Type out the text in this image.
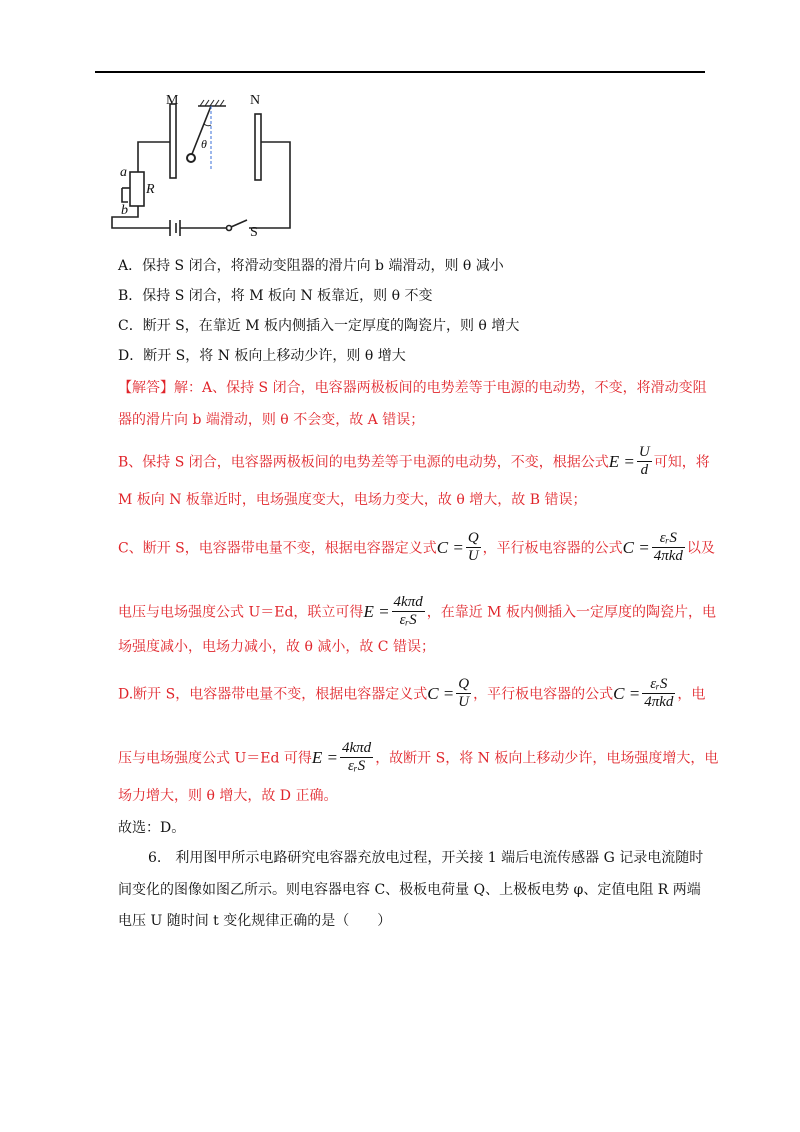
M	N
θ
a
R
b
S
A．保持 S 闭合，将滑动变阻器的滑片向 b 端滑动，则 θ 减小
B．保持 S 闭合，将 M 板向 N 板靠近，则 θ 不变
C．断开 S，在靠近 M 板内侧插入一定厚度的陶瓷片，则 θ 增大
D．断开 S，将 N 板向上移动少许，则 θ 增大
【解答】解：A、保持 S 闭合，电容器两极板间的电势差等于电源的电动势，不变，将滑动变阻
器的滑片向 b 端滑动，则 θ 不会变，故 A 错误；
B、保持 S 闭合，电容器两极板间的电势差等于电源的电动势，不变，根据公式 $E = \frac{U}{d}$ 可知，将
M 板向 N 板靠近时，电场强度变大，电场力变大，故 θ 增大，故 B 错误；
C、断开 S，电容器带电量不变，根据电容器定义式 $C = \frac{Q}{U}$ ，平行板电容器的公式 $C = \frac{\text{εᵣS}}{\text{4πkd}}$ 以及
电压与电场强度公式 U＝Ed，联立可得 $E = \frac{\text{4kπd}}{\text{εᵣS}}$ ，在靠近 M 板内侧插入一定厚度的陶瓷片，电
场强度减小，电场力减小，故 θ 减小，故 C 错误；
D.断开 S，电容器带电量不变，根据电容器定义式 $C = \frac{Q}{U}$ ，平行板电容器的公式 $C = \frac{\text{εᵣS}}{\text{4πkd}}$ ，电
压与电场强度公式 U＝Ed 可得 $E = \frac{\text{4kπd}}{\text{εᵣS}}$ ，故断开 S，将 N 板向上移动少许，电场强度增大，电
场力增大，则 θ 增大，故 D 正确。
故选：D。
6.　利用图甲所示电路研究电容器充放电过程，开关接 1 端后电流传感器 G 记录电流随时
间变化的图像如图乙所示。则电容器电容 C、极板电荷量 Q、上极板电势 φ、定值电阻 R 两端
电压 U 随时间 t 变化规律正确的是（　　）
